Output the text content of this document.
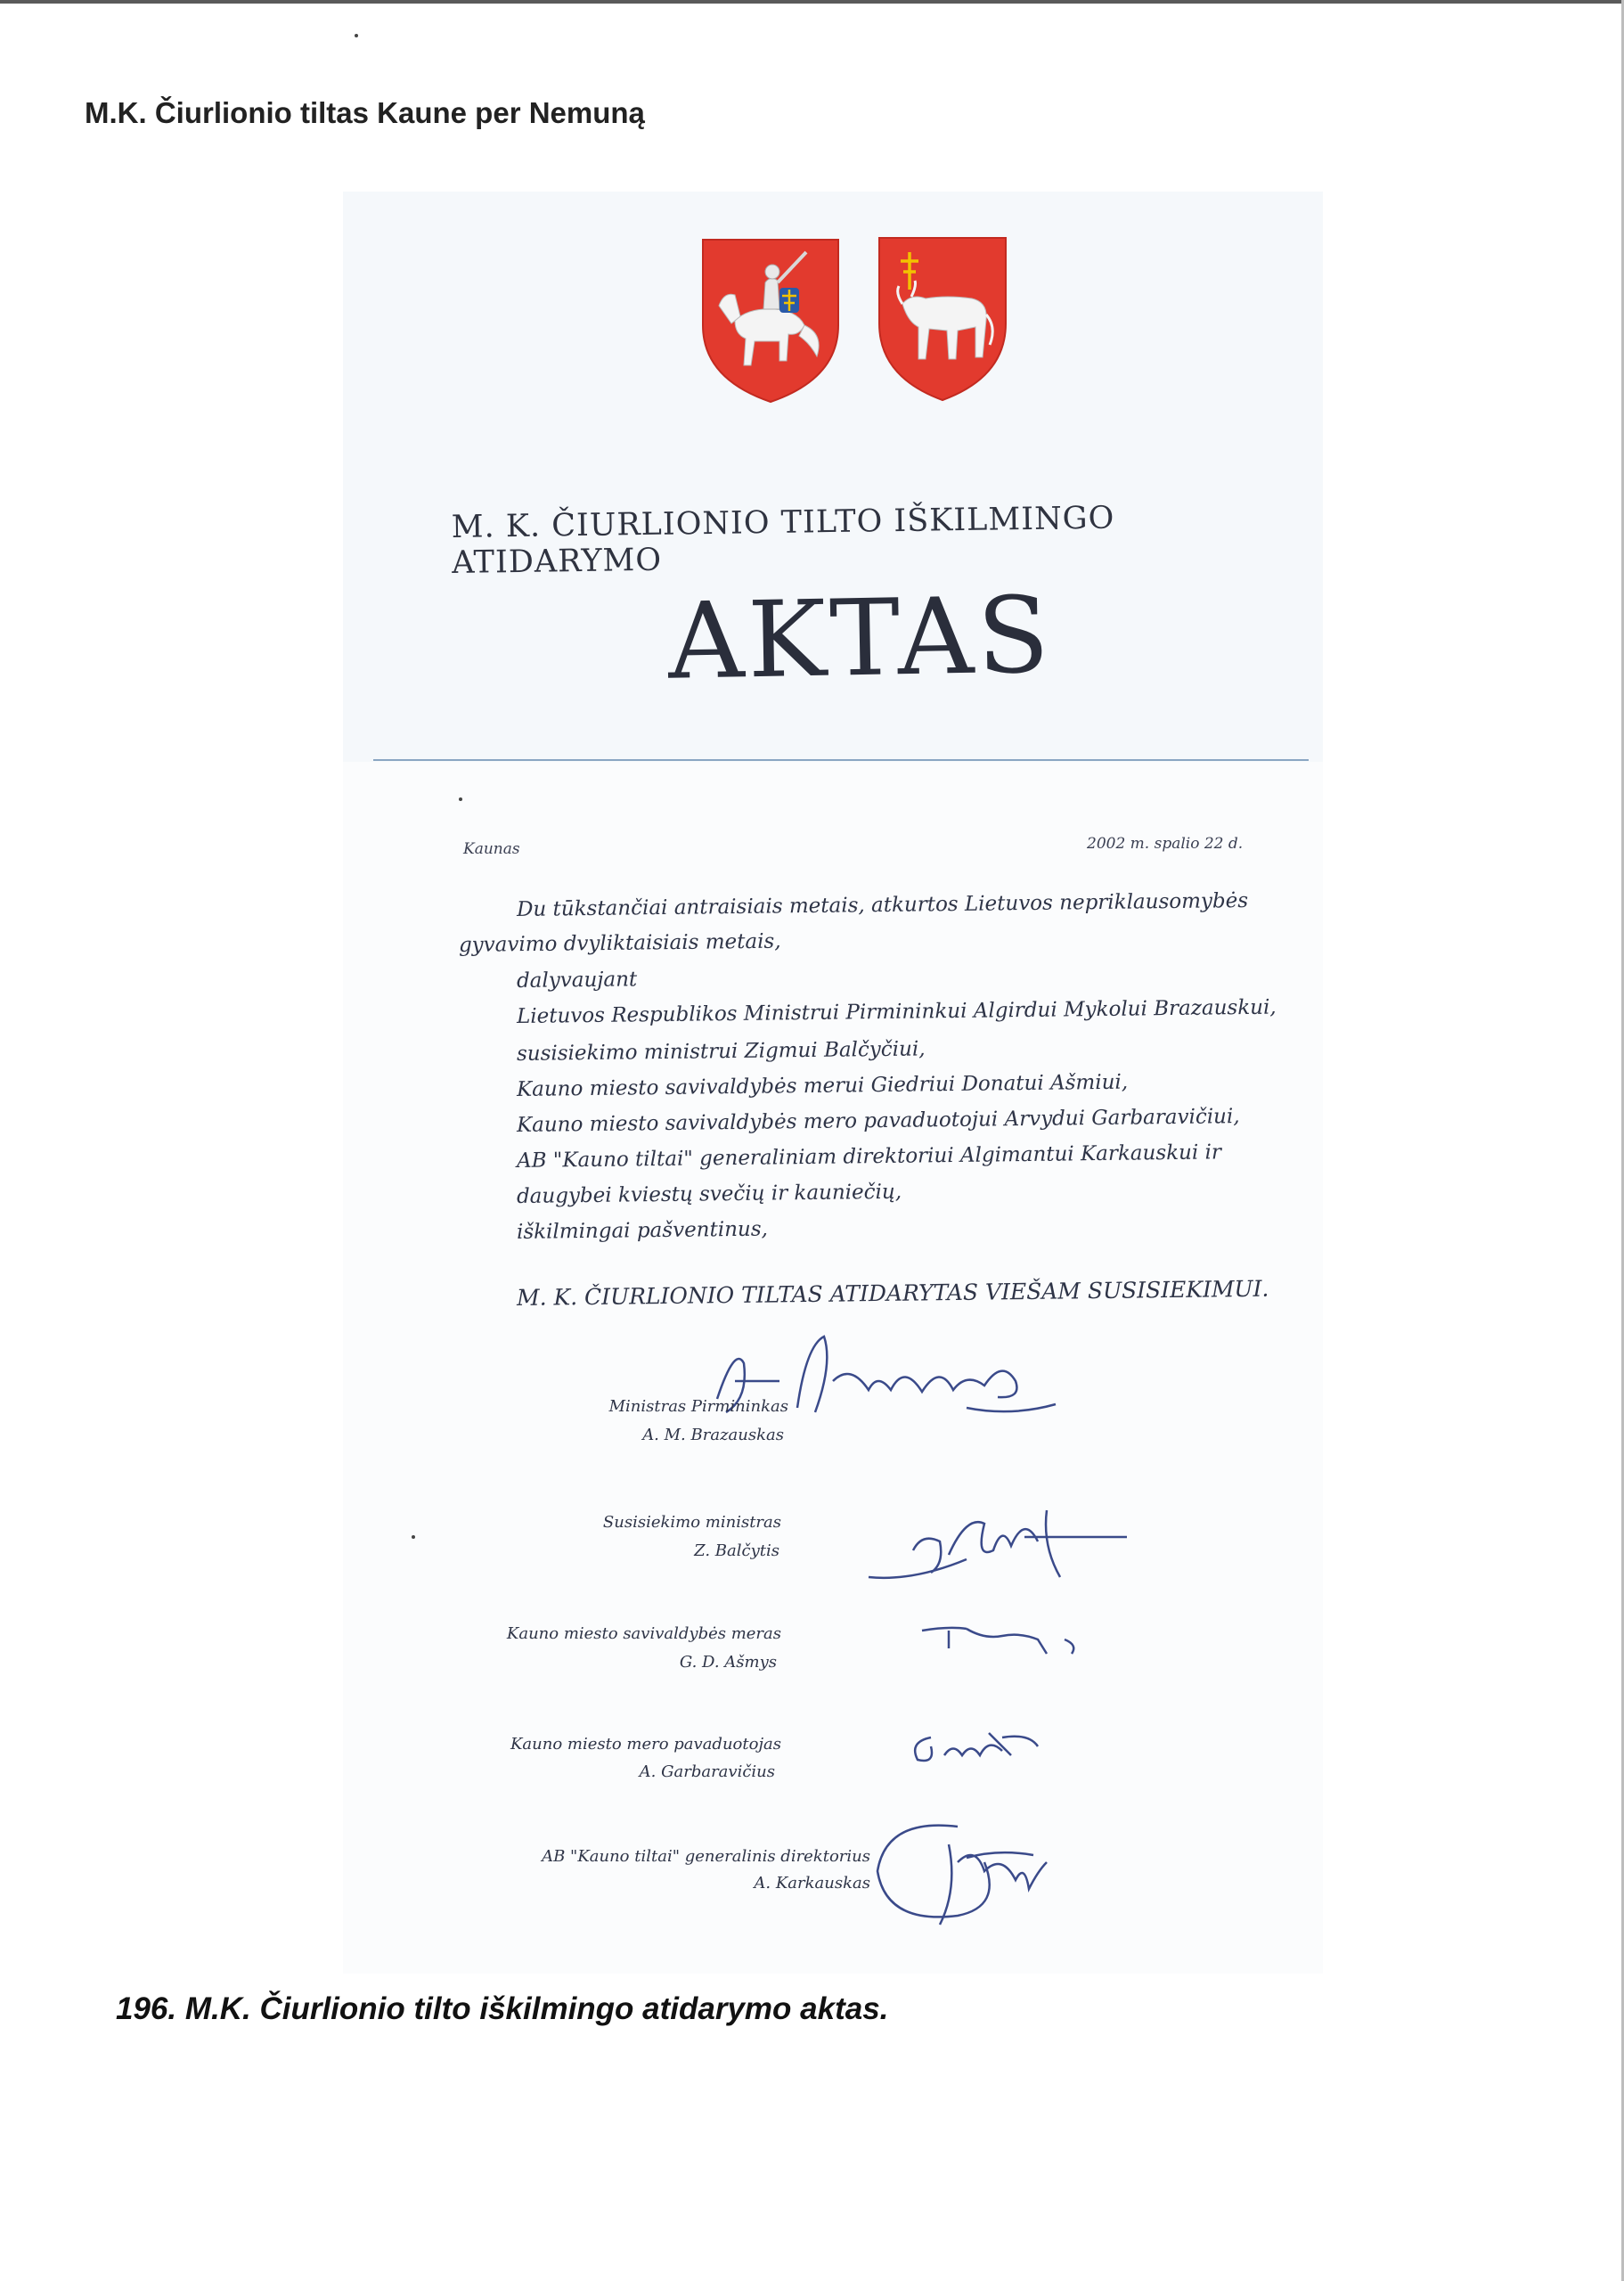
M.K. Čiurlionio tiltas Kaune per Nemuną
M. K. ČIURLIONIO TILTO IŠKILMINGO ATIDARYMO
AKTAS
Kaunas	2002 m. spalio 22 d.
Du tūkstančiai antraisiais metais, atkurtos Lietuvos nepriklausomybės
gyvavimo dvyliktaisiais metais,
dalyvaujant
Lietuvos Respublikos Ministrui Pirmininkui Algirdui Mykolui Brazauskui,
susisiekimo ministrui Zigmui Balčyčiui,
Kauno miesto savivaldybės merui Giedriui Donatui Ašmiui,
Kauno miesto savivaldybės mero pavaduotojui Arvydui Garbaravičiui,
AB "Kauno tiltai" generaliniam direktoriui Algimantui Karkauskui ir
daugybei kviestų svečių ir kauniečių,
iškilmingai pašventinus,
M. K. ČIURLIONIO TILTAS ATIDARYTAS VIEŠAM SUSISIEKIMUI.
Ministras Pirmininkas
A. M. Brazauskas
Susisiekimo ministras
Z. Balčytis
Kauno miesto savivaldybės meras
G. D. Ašmys
Kauno miesto mero pavaduotojas
A. Garbaravičius
AB "Kauno tiltai" generalinis direktorius
A. Karkauskas
196. M.K. Čiurlionio tilto iškilmingo atidarymo aktas.
